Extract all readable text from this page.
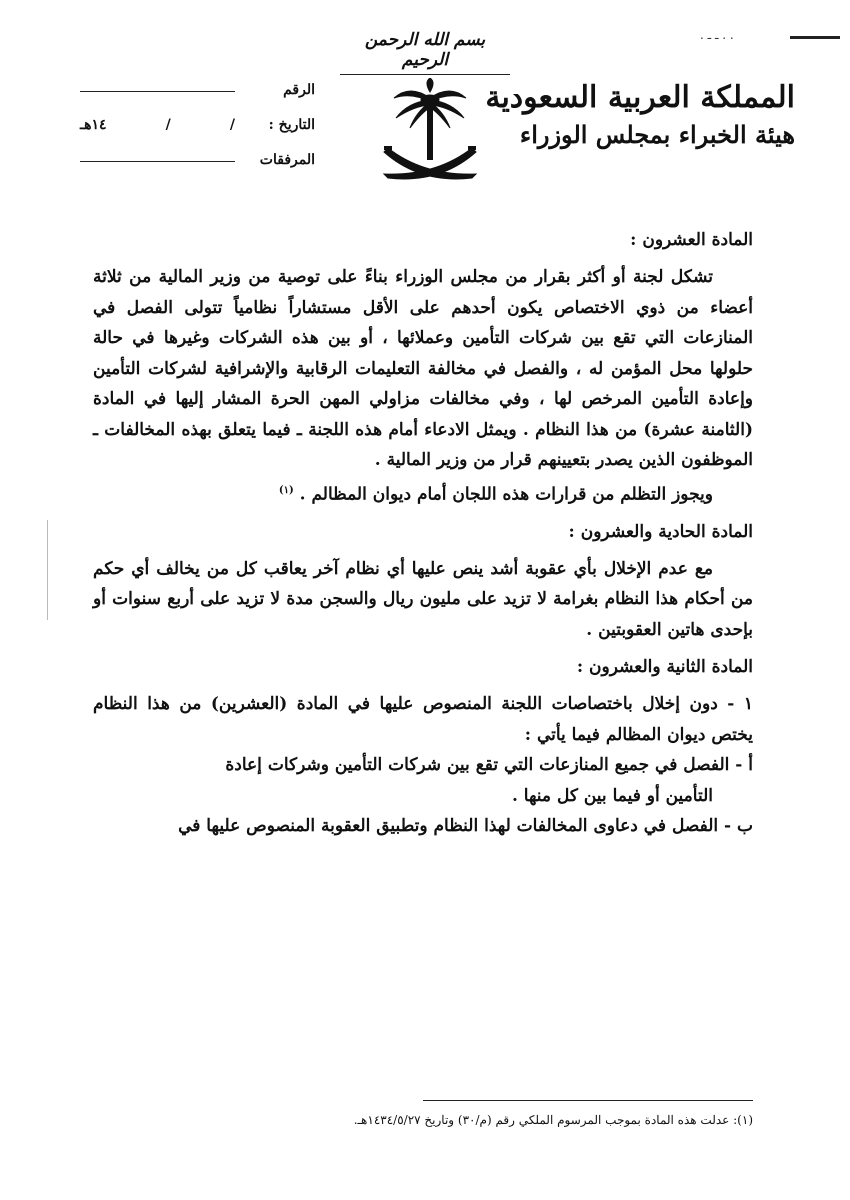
. . ـ ـ .
بسم الله الرحمن الرحيم
المملكة العربية السعودية
هيئة الخبراء بمجلس الوزراء
الرقم
التاريخ :
/
/
١٤هـ
المرفقات
المادة العشرون :

تشكل لجنة أو أكثر بقرار من مجلس الوزراء بناءً على توصية من وزير المالية من ثلاثة أعضاء من ذوي الاختصاص يكون أحدهم على الأقل مستشاراً نظامياً تتولى الفصل في المنازعات التي تقع بين شركات التأمين وعملائها ، أو بين هذه الشركات وغيرها في حالة حلولها محل المؤمن له ، والفصل في مخالفة التعليمات الرقابية والإشرافية لشركات التأمين وإعادة التأمين المرخص لها ، وفي مخالفات مزاولي المهن الحرة المشار إليها في المادة (الثامنة عشرة) من هذا النظام . ويمثل الادعاء أمام هذه اللجنة ـ فيما يتعلق بهذه المخالفات ـ الموظفون الذين يصدر بتعيينهم قرار من وزير المالية .

ويجوز التظلم من قرارات هذه اللجان أمام ديوان المظالم . $^{(١)}$

المادة الحادية والعشرون :

مع عدم الإخلال بأي عقوبة أشد ينص عليها أي نظام آخر يعاقب كل من يخالف أي حكم من أحكام هذا النظام بغرامة لا تزيد على مليون ريال والسجن مدة لا تزيد على أربع سنوات أو بإحدى هاتين العقوبتين .

المادة الثانية والعشرون :

١ - دون إخلال باختصاصات اللجنة المنصوص عليها في المادة (العشرين) من هذا النظام يختص ديوان المظالم فيما يأتي :

أ - الفصل في جميع المنازعات التي تقع بين شركات التأمين وشركات إعادة

التأمين أو فيما بين كل منها .

ب - الفصل في دعاوى المخالفات لهذا النظام وتطبيق العقوبة المنصوص عليها في

(١): عدلت هذه المادة بموجب المرسوم الملكي رقم (م/٣٠) وتاريخ ١٤٣٤/٥/٢٧هـ.
